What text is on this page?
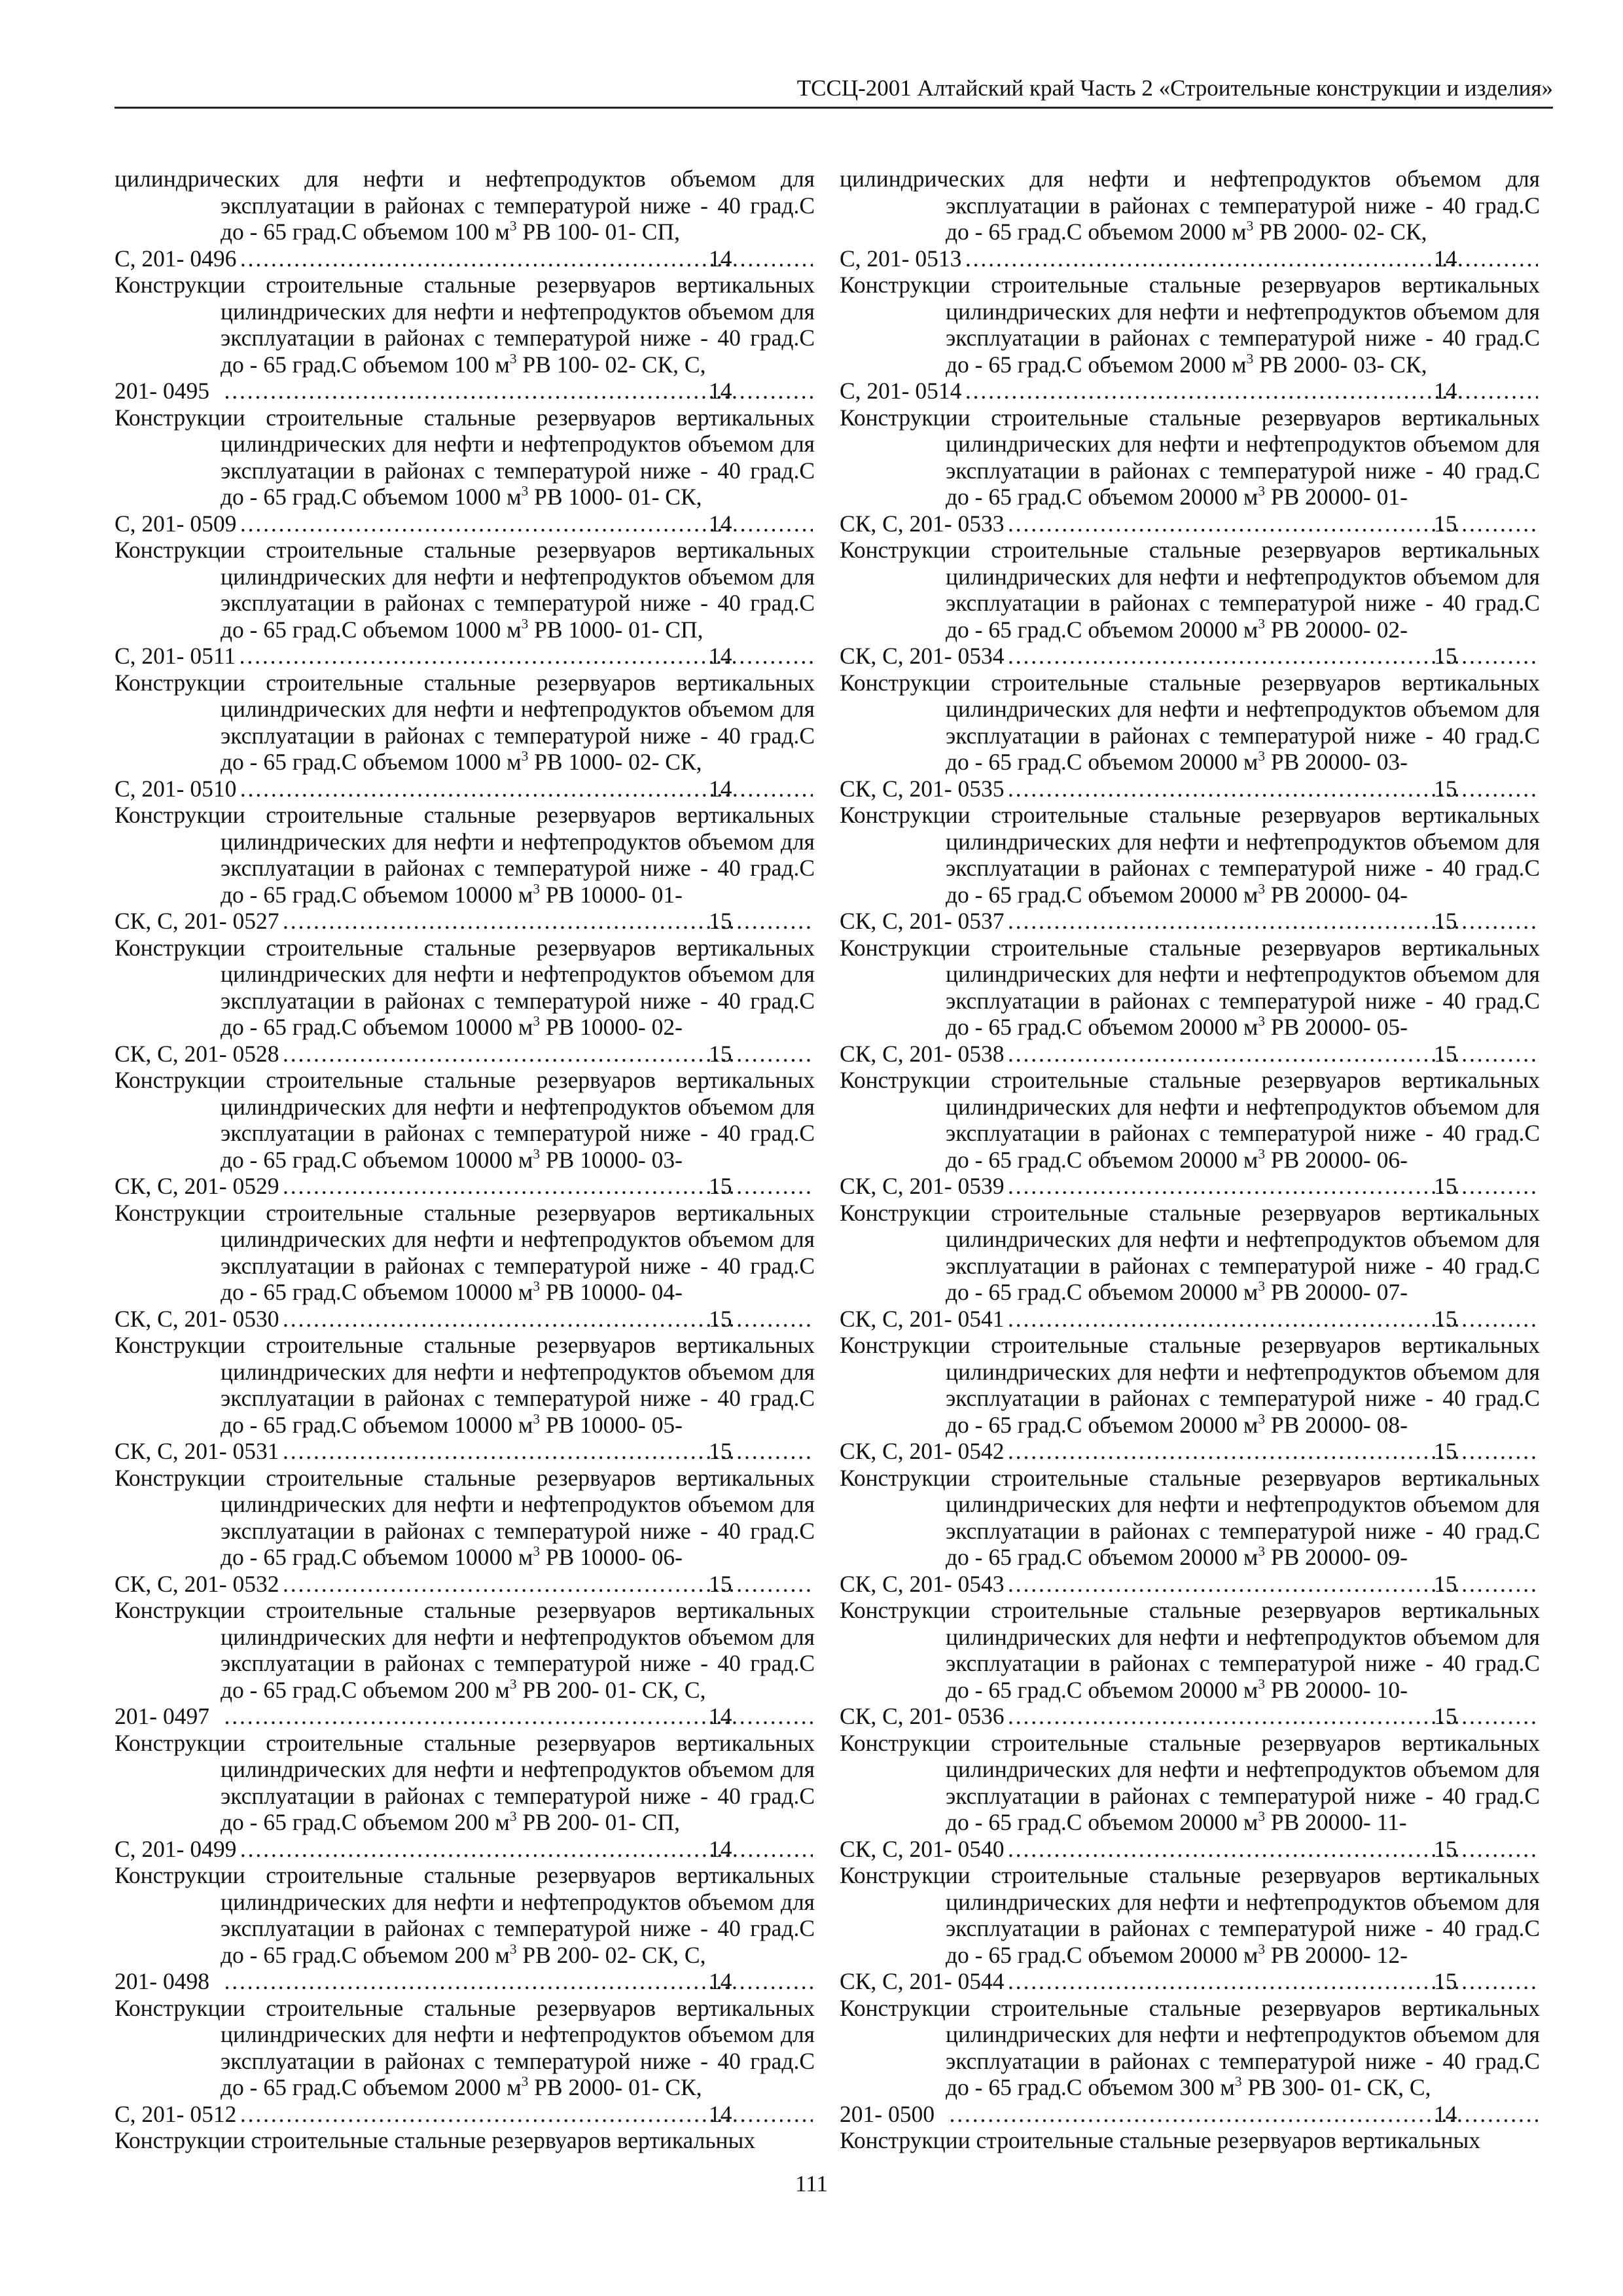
ТССЦ-2001 Алтайский край Часть 2 «Строительные конструкции и изделия»
цилиндрических для нефти и нефтепродуктов объемом для эксплуатации в районах с температурой ниже - 40 град.С до - 65 град.С объемом 100 $м^3$ РВ 100- 01- СП,
С, 201- 0496 . . .	14
Конструкции строительные стальные резервуаров вертикальных цилиндрических для нефти и нефтепродуктов объемом для эксплуатации в районах с температурой ниже - 40 град.С до - 65 град.С объемом 100 $м^3$ РВ 100- 02- СК, С,
201- 0495 . . .	14
Конструкции строительные стальные резервуаров вертикальных цилиндрических для нефти и нефтепродуктов объемом для эксплуатации в районах с температурой ниже - 40 град.С до - 65 град.С объемом 1000 $м^3$ РВ 1000- 01- СК,
С, 201- 0509 . . .	14
Конструкции строительные стальные резервуаров вертикальных цилиндрических для нефти и нефтепродуктов объемом для эксплуатации в районах с температурой ниже - 40 град.С до - 65 град.С объемом 1000 $м^3$ РВ 1000- 01- СП,
С, 201- 0511 . . .	14
Конструкции строительные стальные резервуаров вертикальных цилиндрических для нефти и нефтепродуктов объемом для эксплуатации в районах с температурой ниже - 40 град.С до - 65 град.С объемом 1000 $м^3$ РВ 1000- 02- СК,
С, 201- 0510 . . .	14
Конструкции строительные стальные резервуаров вертикальных цилиндрических для нефти и нефтепродуктов объемом для эксплуатации в районах с температурой ниже - 40 град.С до - 65 град.С объемом 10000 $м^3$ РВ 10000- 01-
СК, С, 201- 0527 . . .	15
Конструкции строительные стальные резервуаров вертикальных цилиндрических для нефти и нефтепродуктов объемом для эксплуатации в районах с температурой ниже - 40 град.С до - 65 град.С объемом 10000 $м^3$ РВ 10000- 02-
СК, С, 201- 0528 . . .	15
Конструкции строительные стальные резервуаров вертикальных цилиндрических для нефти и нефтепродуктов объемом для эксплуатации в районах с температурой ниже - 40 град.С до - 65 град.С объемом 10000 $м^3$ РВ 10000- 03-
СК, С, 201- 0529 . . .	15
Конструкции строительные стальные резервуаров вертикальных цилиндрических для нефти и нефтепродуктов объемом для эксплуатации в районах с температурой ниже - 40 град.С до - 65 град.С объемом 10000 $м^3$ РВ 10000- 04-
СК, С, 201- 0530 . . .	15
Конструкции строительные стальные резервуаров вертикальных цилиндрических для нефти и нефтепродуктов объемом для эксплуатации в районах с температурой ниже - 40 град.С до - 65 град.С объемом 10000 $м^3$ РВ 10000- 05-
СК, С, 201- 0531 . . .	15
Конструкции строительные стальные резервуаров вертикальных цилиндрических для нефти и нефтепродуктов объемом для эксплуатации в районах с температурой ниже - 40 град.С до - 65 град.С объемом 10000 $м^3$ РВ 10000- 06-
СК, С, 201- 0532 . . .	15
Конструкции строительные стальные резервуаров вертикальных цилиндрических для нефти и нефтепродуктов объемом для эксплуатации в районах с температурой ниже - 40 град.С до - 65 град.С объемом 200 $м^3$ РВ 200- 01- СК, С,
201- 0497 . . .	14
Конструкции строительные стальные резервуаров вертикальных цилиндрических для нефти и нефтепродуктов объемом для эксплуатации в районах с температурой ниже - 40 град.С до - 65 град.С объемом 200 $м^3$ РВ 200- 01- СП,
С, 201- 0499 . . .	14
Конструкции строительные стальные резервуаров вертикальных цилиндрических для нефти и нефтепродуктов объемом для эксплуатации в районах с температурой ниже - 40 град.С до - 65 град.С объемом 200 $м^3$ РВ 200- 02- СК, С,
201- 0498 . . .	14
Конструкции строительные стальные резервуаров вертикальных цилиндрических для нефти и нефтепродуктов объемом для эксплуатации в районах с температурой ниже - 40 град.С до - 65 град.С объемом 2000 $м^3$ РВ 2000- 01- СК,
С, 201- 0512 . . .	14
Конструкции строительные стальные резервуаров вертикальных
цилиндрических для нефти и нефтепродуктов объемом для эксплуатации в районах с температурой ниже - 40 град.С до - 65 град.С объемом 2000 $м^3$ РВ 2000- 02- СК,
С, 201- 0513 . . .	14
Конструкции строительные стальные резервуаров вертикальных цилиндрических для нефти и нефтепродуктов объемом для эксплуатации в районах с температурой ниже - 40 град.С до - 65 град.С объемом 2000 $м^3$ РВ 2000- 03- СК,
С, 201- 0514 . . .	14
Конструкции строительные стальные резервуаров вертикальных цилиндрических для нефти и нефтепродуктов объемом для эксплуатации в районах с температурой ниже - 40 град.С до - 65 град.С объемом 20000 $м^3$ РВ 20000- 01-
СК, С, 201- 0533 . . .	15
Конструкции строительные стальные резервуаров вертикальных цилиндрических для нефти и нефтепродуктов объемом для эксплуатации в районах с температурой ниже - 40 град.С до - 65 град.С объемом 20000 $м^3$ РВ 20000- 02-
СК, С, 201- 0534 . . .	15
Конструкции строительные стальные резервуаров вертикальных цилиндрических для нефти и нефтепродуктов объемом для эксплуатации в районах с температурой ниже - 40 град.С до - 65 град.С объемом 20000 $м^3$ РВ 20000- 03-
СК, С, 201- 0535 . . .	15
Конструкции строительные стальные резервуаров вертикальных цилиндрических для нефти и нефтепродуктов объемом для эксплуатации в районах с температурой ниже - 40 град.С до - 65 град.С объемом 20000 $м^3$ РВ 20000- 04-
СК, С, 201- 0537 . . .	15
Конструкции строительные стальные резервуаров вертикальных цилиндрических для нефти и нефтепродуктов объемом для эксплуатации в районах с температурой ниже - 40 град.С до - 65 град.С объемом 20000 $м^3$ РВ 20000- 05-
СК, С, 201- 0538 . . .	15
Конструкции строительные стальные резервуаров вертикальных цилиндрических для нефти и нефтепродуктов объемом для эксплуатации в районах с температурой ниже - 40 град.С до - 65 град.С объемом 20000 $м^3$ РВ 20000- 06-
СК, С, 201- 0539 . . .	15
Конструкции строительные стальные резервуаров вертикальных цилиндрических для нефти и нефтепродуктов объемом для эксплуатации в районах с температурой ниже - 40 град.С до - 65 град.С объемом 20000 $м^3$ РВ 20000- 07-
СК, С, 201- 0541 . . .	15
Конструкции строительные стальные резервуаров вертикальных цилиндрических для нефти и нефтепродуктов объемом для эксплуатации в районах с температурой ниже - 40 град.С до - 65 град.С объемом 20000 $м^3$ РВ 20000- 08-
СК, С, 201- 0542 . . .	15
Конструкции строительные стальные резервуаров вертикальных цилиндрических для нефти и нефтепродуктов объемом для эксплуатации в районах с температурой ниже - 40 град.С до - 65 град.С объемом 20000 $м^3$ РВ 20000- 09-
СК, С, 201- 0543 . . .	15
Конструкции строительные стальные резервуаров вертикальных цилиндрических для нефти и нефтепродуктов объемом для эксплуатации в районах с температурой ниже - 40 град.С до - 65 град.С объемом 20000 $м^3$ РВ 20000- 10-
СК, С, 201- 0536 . . .	15
Конструкции строительные стальные резервуаров вертикальных цилиндрических для нефти и нефтепродуктов объемом для эксплуатации в районах с температурой ниже - 40 град.С до - 65 град.С объемом 20000 $м^3$ РВ 20000- 11-
СК, С, 201- 0540 . . .	15
Конструкции строительные стальные резервуаров вертикальных цилиндрических для нефти и нефтепродуктов объемом для эксплуатации в районах с температурой ниже - 40 град.С до - 65 град.С объемом 20000 $м^3$ РВ 20000- 12-
СК, С, 201- 0544 . . .	15
Конструкции строительные стальные резервуаров вертикальных цилиндрических для нефти и нефтепродуктов объемом для эксплуатации в районах с температурой ниже - 40 град.С до - 65 град.С объемом 300 $м^3$ РВ 300- 01- СК, С,
201- 0500 . . .	14
Конструкции строительные стальные резервуаров вертикальных
111
